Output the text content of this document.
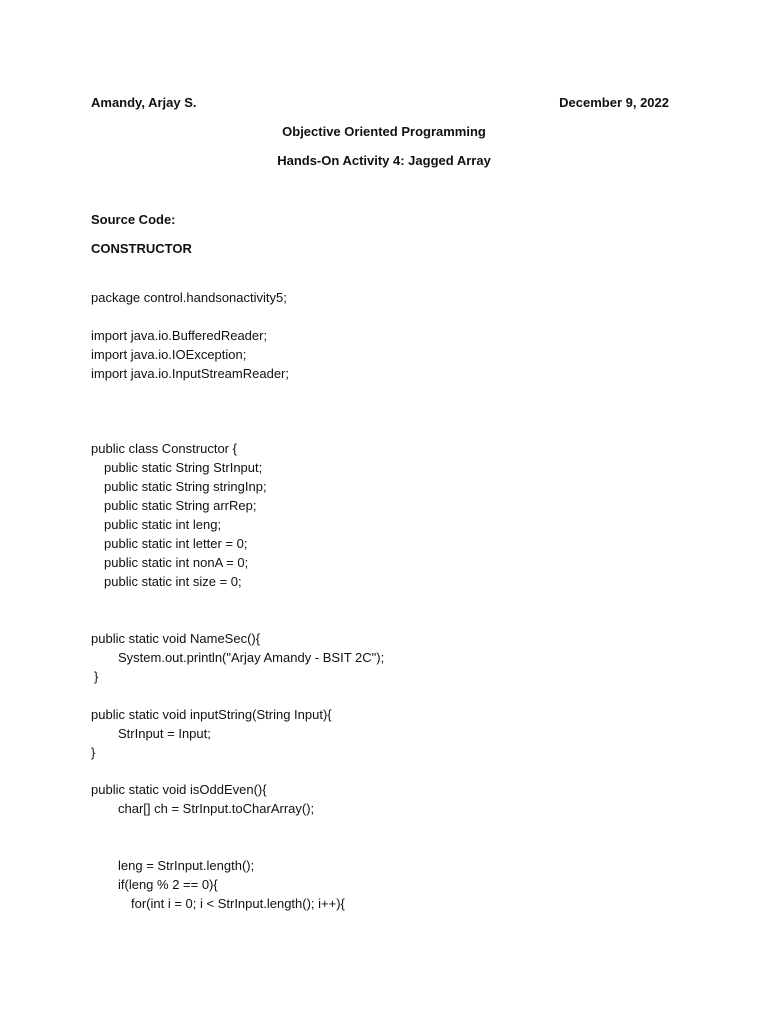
Amandy, Arjay S.	December 9, 2022
Objective Oriented Programming
Hands-On Activity 4: Jagged Array
Source Code:
CONSTRUCTOR
package control.handsonactivity5;
import java.io.BufferedReader;
import java.io.IOException;
import java.io.InputStreamReader;
public class Constructor {
public static String StrInput;
public static String stringInp;
public static String arrRep;
public static int leng;
public static int letter = 0;
public static int nonA = 0;
public static int size = 0;
public static void NameSec(){
System.out.println("Arjay Amandy - BSIT 2C");
}
public static void inputString(String Input){
StrInput = Input;
}
public static void isOddEven(){
char[] ch = StrInput.toCharArray();
leng = StrInput.length();
if(leng % 2 == 0){
for(int i = 0; i < StrInput.length(); i++){
